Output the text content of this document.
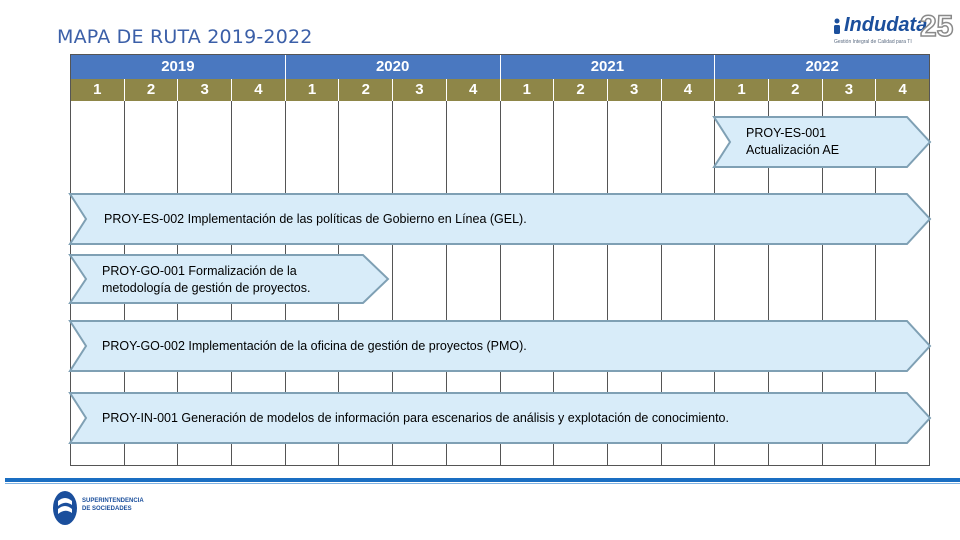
MAPA DE RUTA 2019-2022
Indudata
25
Gestión Integral de Calidad para TI
2019	2020	2021	2022
1	2	3	4	1	2	3	4	1	2	3	4	1	2	3	4
PROY-ES-001
Actualización AE
PROY-ES-002 Implementación de las políticas de Gobierno en Línea (GEL).
PROY-GO-001 Formalización de la
metodología de gestión de proyectos.
PROY-GO-002 Implementación de la oficina de gestión de proyectos (PMO).
PROY-IN-001 Generación de modelos de información para escenarios de análisis y explotación de conocimiento.
SUPERINTENDENCIA
DE SOCIEDADES
